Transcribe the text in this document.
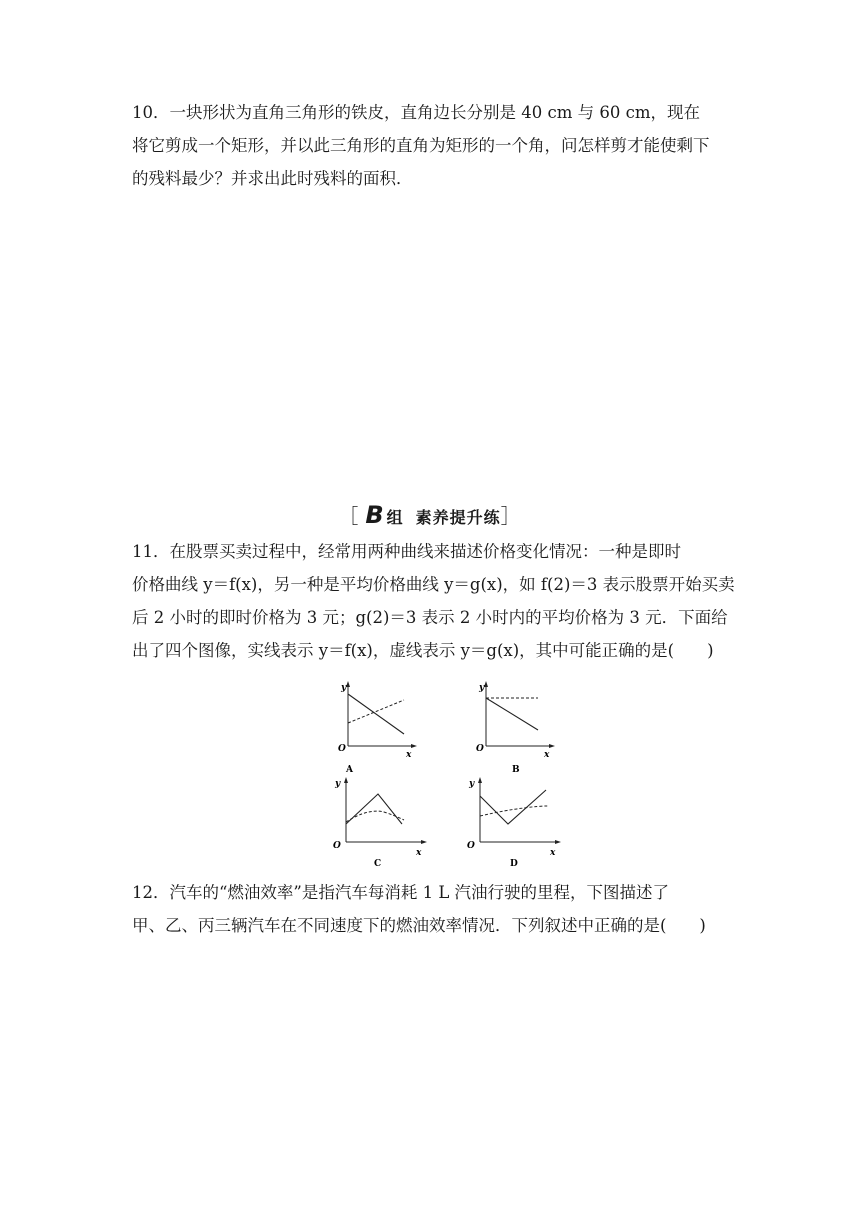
10．一块形状为直角三角形的铁皮，直角边长分别是 40 cm 与 60 cm，现在
将它剪成一个矩形，并以此三角形的直角为矩形的一个角，问怎样剪才能使剩下
的残料最少？并求出此时残料的面积．
［ B 组 素养提升练］
11．在股票买卖过程中，经常用两种曲线来描述价格变化情况：一种是即时
价格曲线 y＝f(x)，另一种是平均价格曲线 y＝g(x)，如 f(2)＝3 表示股票开始买卖
后 2 小时的即时价格为 3 元；g(2)＝3 表示 2 小时内的平均价格为 3 元．下面给
出了四个图像，实线表示 y＝f(x)，虚线表示 y＝g(x)，其中可能正确的是(　　)
y
x
O
A
y
x
O
B
y
x
O
C
y
x
O
D
12．汽车的“燃油效率”是指汽车每消耗 1 L 汽油行驶的里程，下图描述了
甲、乙、丙三辆汽车在不同速度下的燃油效率情况．下列叙述中正确的是(　　)
